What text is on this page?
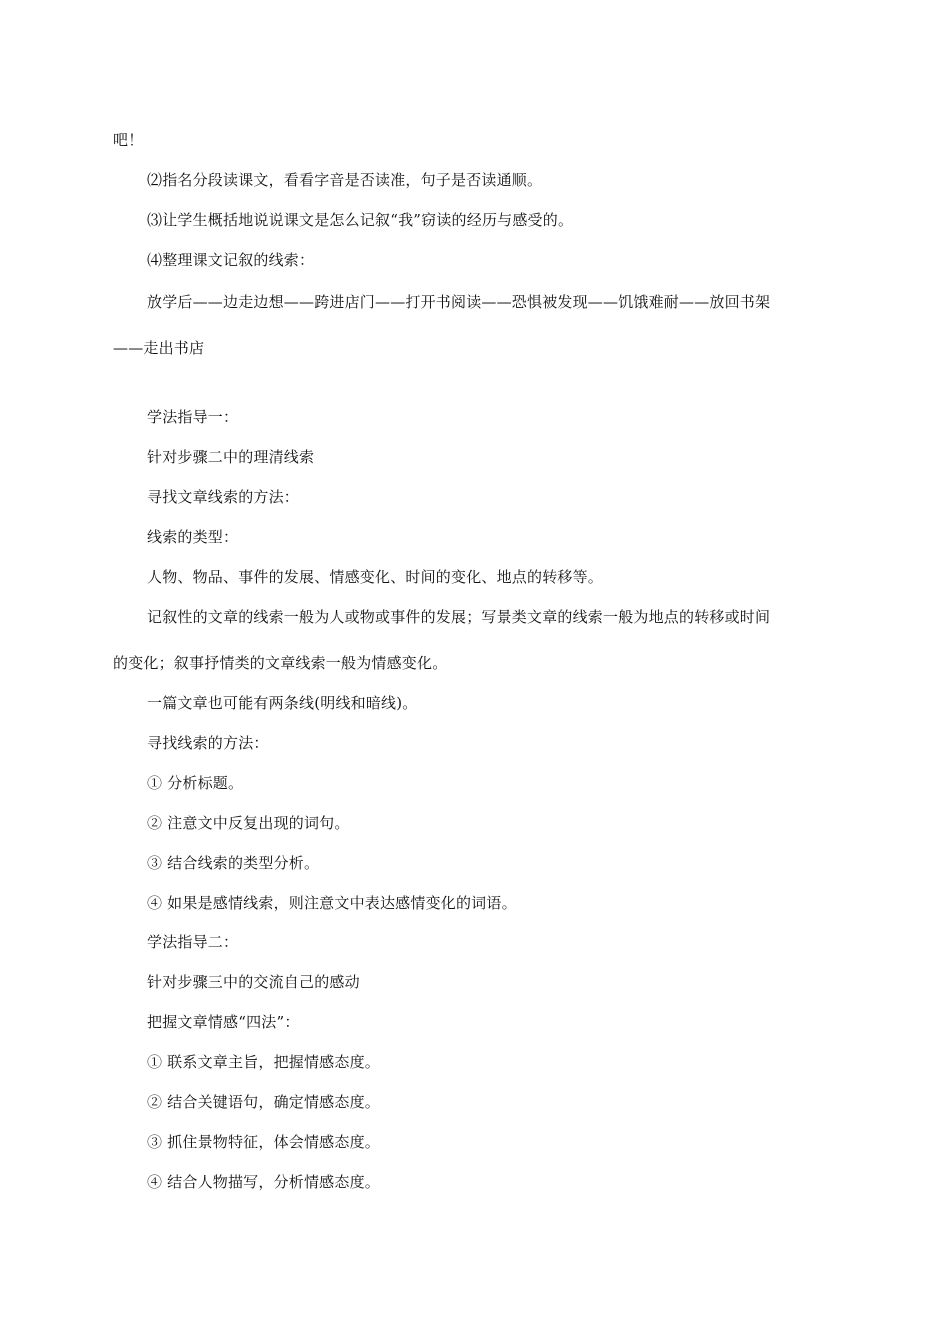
吧！
⑵指名分段读课文，看看字音是否读准，句子是否读通顺。
⑶让学生概括地说说课文是怎么记叙“我”窃读的经历与感受的。
⑷整理课文记叙的线索：
放学后——边走边想——跨进店门——打开书阅读——恐惧被发现——饥饿难耐——放回书架
——走出书店
学法指导一：
针对步骤二中的理清线索
寻找文章线索的方法：
线索的类型：
人物、物品、事件的发展、情感变化、时间的变化、地点的转移等。
记叙性的文章的线索一般为人或物或事件的发展；写景类文章的线索一般为地点的转移或时间
的变化；叙事抒情类的文章线索一般为情感变化。
一篇文章也可能有两条线(明线和暗线)。
寻找线索的方法：
① 分析标题。
② 注意文中反复出现的词句。
③ 结合线索的类型分析。
④ 如果是感情线索，则注意文中表达感情变化的词语。
学法指导二：
针对步骤三中的交流自己的感动
把握文章情感“四法”：
① 联系文章主旨，把握情感态度。
② 结合关键语句，确定情感态度。
③ 抓住景物特征，体会情感态度。
④ 结合人物描写，分析情感态度。
